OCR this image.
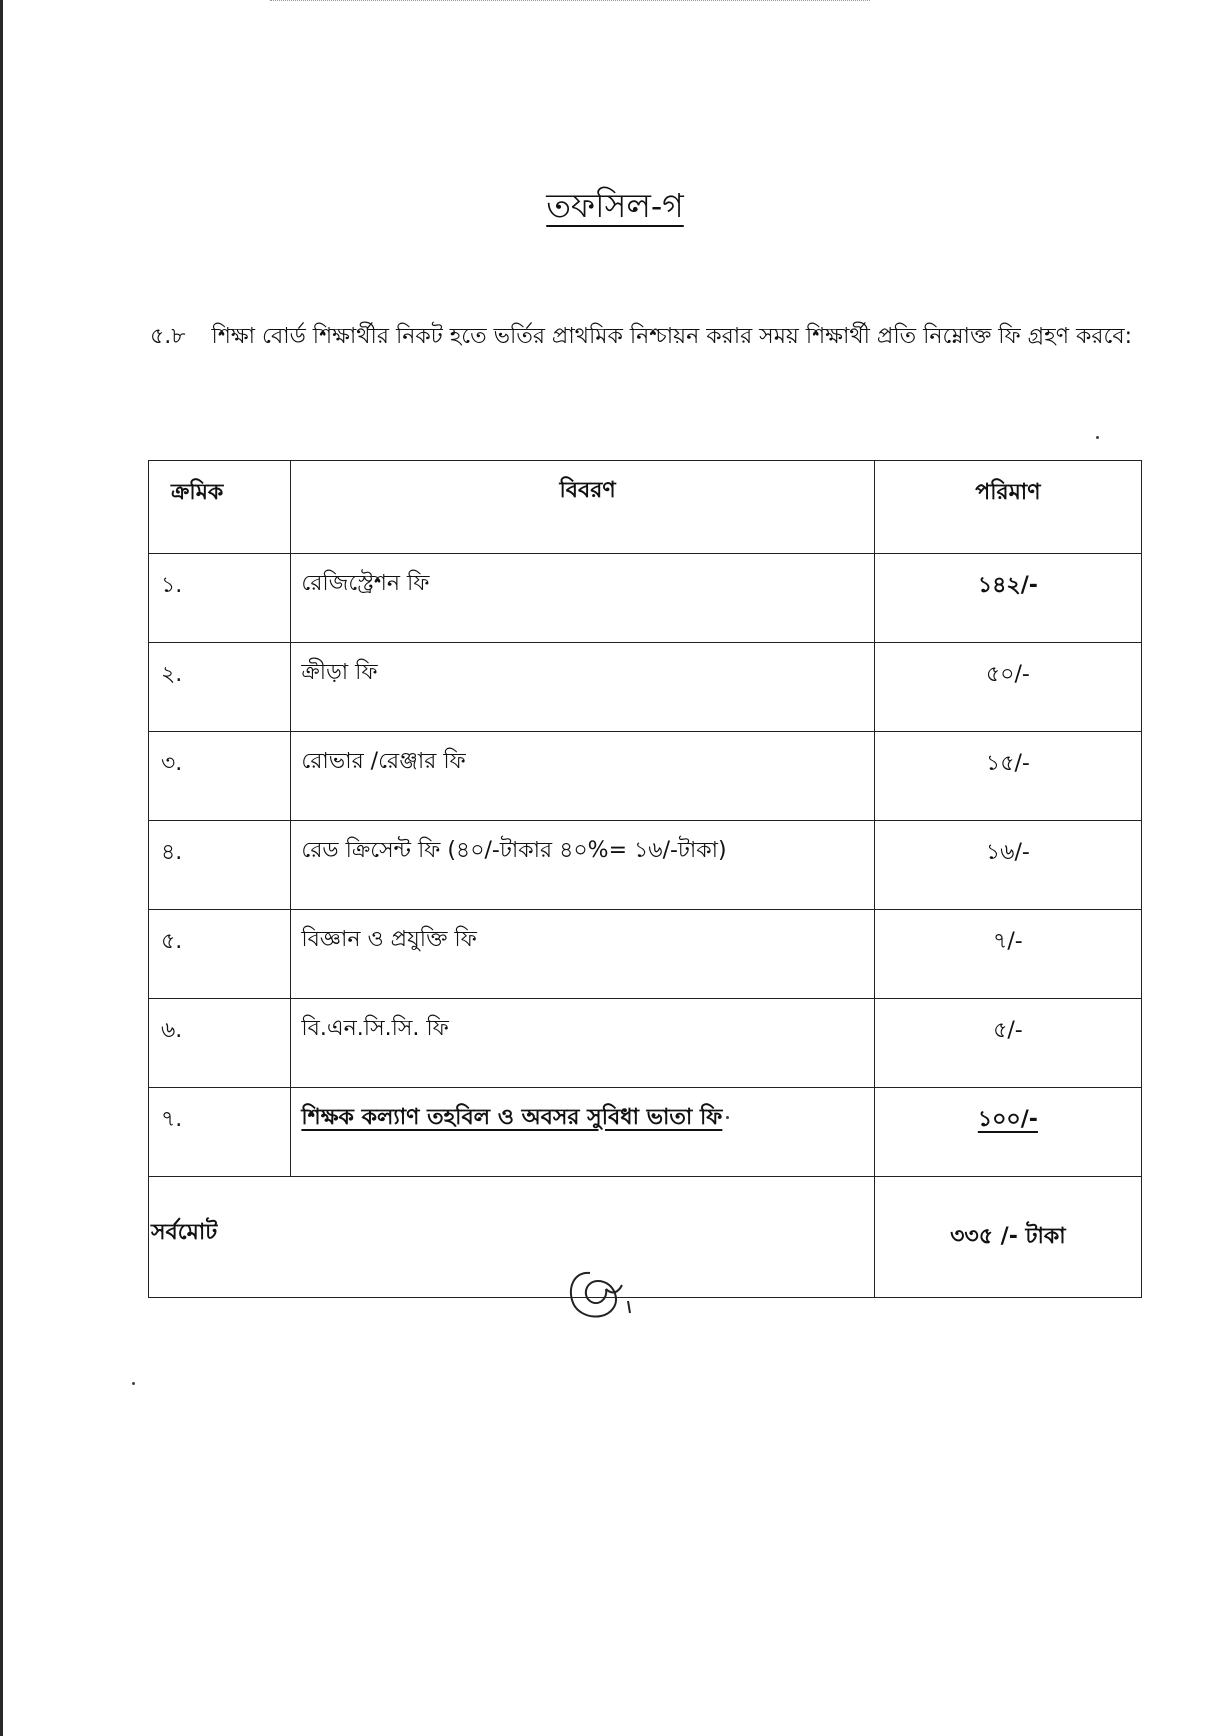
তফসিল-গ
৫.৮ শিক্ষা বোর্ড শিক্ষার্থীর নিকট হতে ভর্তির প্রাথমিক নিশ্চায়ন করার সময় শিক্ষার্থী প্রতি নিম্নোক্ত ফি গ্রহণ করবে:
ক্রমিক	বিবরণ	পরিমাণ
১.	রেজিস্ট্রেশন ফি	১৪২/-
২.	ক্রীড়া ফি	৫০/-
৩.	রোভার /রেঞ্জার ফি	১৫/-
৪.	রেড ক্রিসেন্ট ফি (৪০/-টাকার ৪০%= ১৬/-টাকা)	১৬/-
৫.	বিজ্ঞান ও প্রযুক্তি ফি	৭/-
৬.	বি.এন.সি.সি. ফি	৫/-
৭.	শিক্ষক কল্যাণ তহবিল ও অবসর সুবিধা ভাতা ফি	১০০/-
সর্বমোট		৩৩৫ /- টাকা
